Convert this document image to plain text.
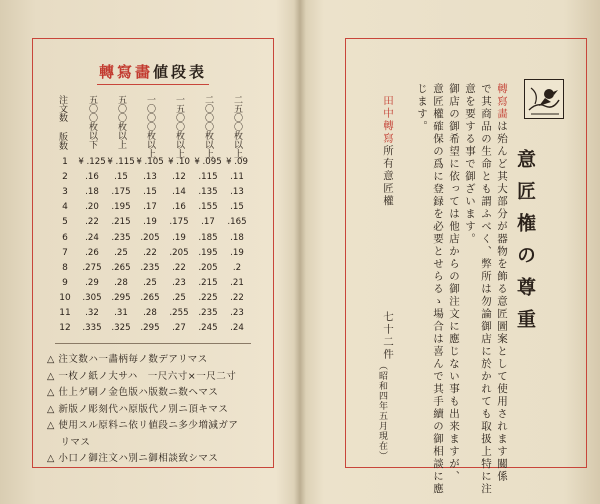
轉寫畵値段表
注文数 版数 五〇〇枚以下 五〇〇枚以上 一〇〇〇枚以上 一五〇〇枚以上 二〇〇〇枚以上 二五〇〇枚以上
1	¥ .125 ¥ .115 ¥ .105 ¥ .10 ¥ .095 ¥ .09
2	.16	.15	.13	.12	.115	.11
3	.18	.175	.15	.14	.135	.13
4	.20	.195	.17	.16	.155	.15
5	.22	.215	.19	.175	.17	.165
6	.24	.235	.205	.19	.185	.18
7	.26	.25	.22	.205	.195	.19
8	.275	.265	.235	.22	.205	.2
9	.29	.28	.25	.23	.215	.21
10	.305	.295	.265	.25	.225	.22
11	.32	.31	.28	.255	.235	.23
12	.335	.325	.295	.27	.245	.24
△ 注文数ハ一畵柄毎ノ数デアリマス
△ 一枚ノ紙ノ大サハ　一尺六寸×一尺二寸
△ 仕上ゲ刷ノ金色版ハ版数ニ数ヘマス
△ 新版ノ彫刻代ハ原版代ノ別ニ頂キマス
△ 使用スル原料ニ依リ値段ニ多少増減ガア
　 リマス
△ 小口ノ御注文ハ別ニ御相談致シマス
意匠権の尊重
轉寫畵は殆んど其大部分が器物を飾る意匠圖案として使用されます關係
で其商品の生命とも謂ふべく、弊所は勿論御店に於かれても取扱上特に注
意を要する事で御ざいます。
御店の御希望に依っては他店からの御注文に應じない事も出来ますが、
意匠權確保の爲に登録を必要とせらるゝ場合は喜んで其手續の御相談に應
じます。
田中轉寫所有意匠權
七十二件
（昭和四年五月現在）
